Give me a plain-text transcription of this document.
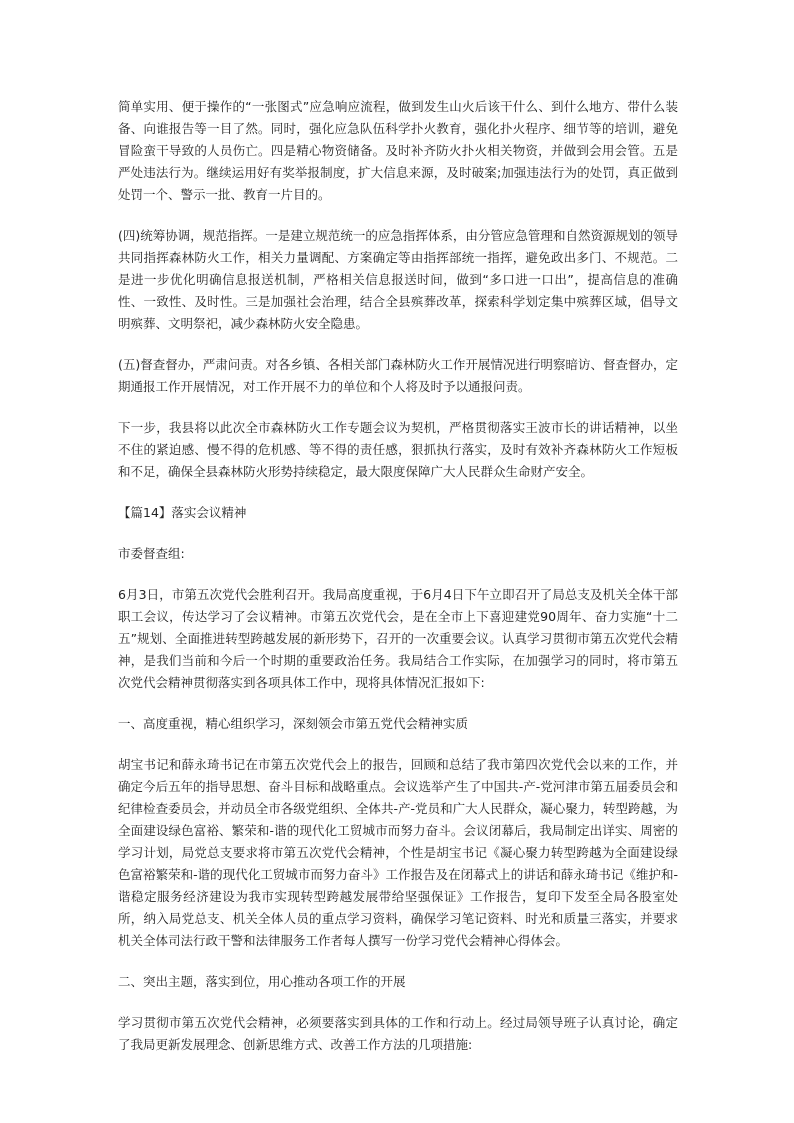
简单实用、便于操作的“一张图式”应急响应流程，做到发生山火后该干什么、到什么地方、带什么装备、向谁报告等一目了然。同时，强化应急队伍科学扑火教育，强化扑火程序、细节等的培训，避免冒险蛮干导致的人员伤亡。四是精心物资储备。及时补齐防火扑火相关物资，并做到会用会管。五是严处违法行为。继续运用好有奖举报制度，扩大信息来源，及时破案;加强违法行为的处罚，真正做到处罚一个、警示一批、教育一片目的。

(四)统筹协调，规范指挥。一是建立规范统一的应急指挥体系，由分管应急管理和自然资源规划的领导共同指挥森林防火工作，相关力量调配、方案确定等由指挥部统一指挥，避免政出多门、不规范。二是进一步优化明确信息报送机制，严格相关信息报送时间，做到“多口进一口出”，提高信息的准确性、一致性、及时性。三是加强社会治理，结合全县殡葬改革，探索科学划定集中殡葬区域，倡导文明殡葬、文明祭祀，减少森林防火安全隐患。

(五)督查督办，严肃问责。对各乡镇、各相关部门森林防火工作开展情况进行明察暗访、督查督办，定期通报工作开展情况，对工作开展不力的单位和个人将及时予以通报问责。

下一步，我县将以此次全市森林防火工作专题会议为契机，严格贯彻落实王波市长的讲话精神，以坐不住的紧迫感、慢不得的危机感、等不得的责任感，狠抓执行落实，及时有效补齐森林防火工作短板和不足，确保全县森林防火形势持续稳定，最大限度保障广大人民群众生命财产安全。

【篇14】落实会议精神

市委督查组:

6月3日，市第五次党代会胜利召开。我局高度重视，于6月4日下午立即召开了局总支及机关全体干部职工会议，传达学习了会议精神。市第五次党代会，是在全市上下喜迎建党90周年、奋力实施“十二五”规划、全面推进转型跨越发展的新形势下，召开的一次重要会议。认真学习贯彻市第五次党代会精神，是我们当前和今后一个时期的重要政治任务。我局结合工作实际，在加强学习的同时，将市第五次党代会精神贯彻落实到各项具体工作中，现将具体情况汇报如下:

一、高度重视，精心组织学习，深刻领会市第五党代会精神实质

胡宝书记和薛永琦书记在市第五次党代会上的报告，回顾和总结了我市第四次党代会以来的工作，并确定今后五年的指导思想、奋斗目标和战略重点。会议选举产生了中国共-产-党河津市第五届委员会和纪律检查委员会，并动员全市各级党组织、全体共-产-党员和广大人民群众，凝心聚力，转型跨越，为全面建设绿色富裕、繁荣和-谐的现代化工贸城市而努力奋斗。会议闭幕后，我局制定出详实、周密的学习计划，局党总支要求将市第五次党代会精神，个性是胡宝书记《凝心聚力转型跨越为全面建设绿色富裕繁荣和-谐的现代化工贸城市而努力奋斗》工作报告及在闭幕式上的讲话和薛永琦书记《维护和-谐稳定服务经济建设为我市实现转型跨越发展带给坚强保证》工作报告，复印下发至全局各股室处所，纳入局党总支、机关全体人员的重点学习资料，确保学习笔记资料、时光和质量三落实，并要求机关全体司法行政干警和法律服务工作者每人撰写一份学习党代会精神心得体会。

二、突出主题，落实到位，用心推动各项工作的开展

学习贯彻市第五次党代会精神，必须要落实到具体的工作和行动上。经过局领导班子认真讨论，确定了我局更新发展理念、创新思维方式、改善工作方法的几项措施:
